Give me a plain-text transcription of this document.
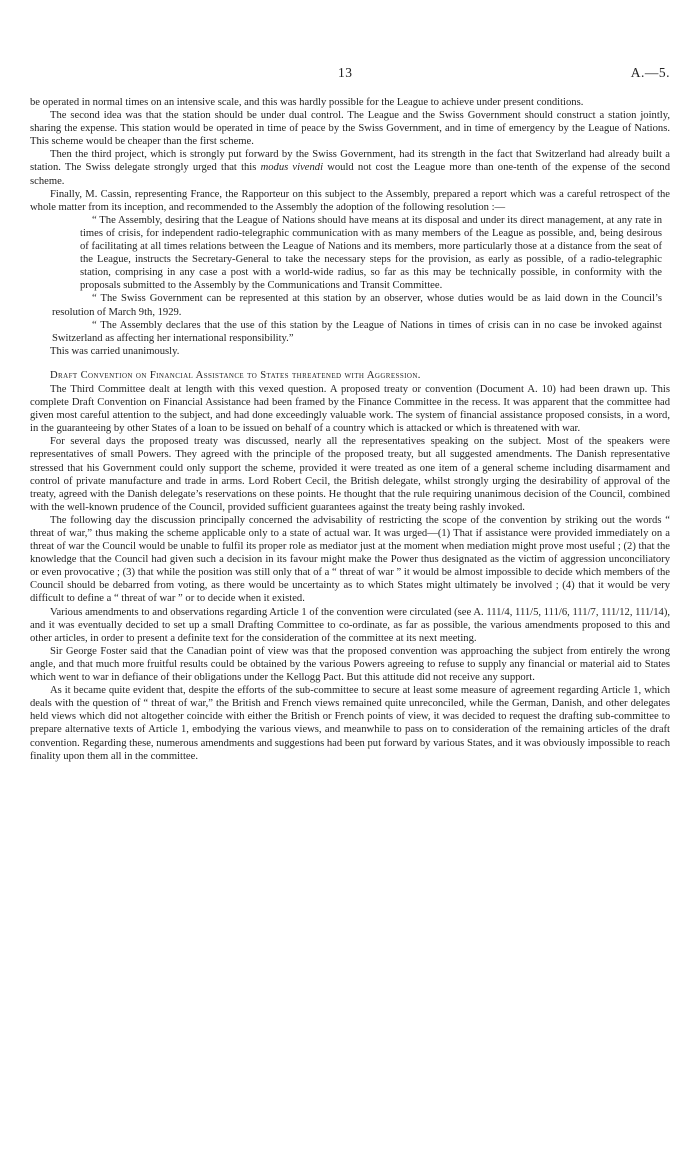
13	A.—5.

be operated in normal times on an intensive scale, and this was hardly possible for the League to achieve under present conditions.

The second idea was that the station should be under dual control. The League and the Swiss Government should construct a station jointly, sharing the expense. This station would be operated in time of peace by the Swiss Government, and in time of emergency by the League of Nations. This scheme would be cheaper than the first scheme.

Then the third project, which is strongly put forward by the Swiss Government, had its strength in the fact that Switzerland had already built a station. The Swiss delegate strongly urged that this modus vivendi would not cost the League more than one-tenth of the expense of the second scheme.

Finally, M. Cassin, representing France, the Rapporteur on this subject to the Assembly, prepared a report which was a careful retrospect of the whole matter from its inception, and recommended to the Assembly the adoption of the following resolution :—

“ The Assembly, desiring that the League of Nations should have means at its disposal and under its direct management, at any rate in times of crisis, for independent radio-telegraphic communication with as many members of the League as possible, and, being desirous of facilitating at all times relations between the League of Nations and its members, more particularly those at a distance from the seat of the League, instructs the Secretary-General to take the necessary steps for the provision, as early as possible, of a radio-telegraphic station, comprising in any case a post with a world-wide radius, so far as this may be technically possible, in conformity with the proposals submitted to the Assembly by the Communications and Transit Committee.

“ The Swiss Government can be represented at this station by an observer, whose duties would be as laid down in the Council’s resolution of March 9th, 1929.

“ The Assembly declares that the use of this station by the League of Nations in times of crisis can in no case be invoked against Switzerland as affecting her international responsibility.”

This was carried unanimously.

Draft Convention on Financial Assistance to States threatened with Aggression.

The Third Committee dealt at length with this vexed question. A proposed treaty or convention (Document A. 10) had been drawn up. This complete Draft Convention on Financial Assistance had been framed by the Finance Committee in the recess. It was apparent that the committee had given most careful attention to the subject, and had done exceedingly valuable work. The system of financial assistance proposed consists, in a word, in the guaranteeing by other States of a loan to be issued on behalf of a country which is attacked or which is threatened with war.

For several days the proposed treaty was discussed, nearly all the representatives speaking on the subject. Most of the speakers were representatives of small Powers. They agreed with the principle of the proposed treaty, but all suggested amendments. The Danish representative stressed that his Government could only support the scheme, provided it were treated as one item of a general scheme including disarmament and control of private manufacture and trade in arms. Lord Robert Cecil, the British delegate, whilst strongly urging the desirability of approval of the treaty, agreed with the Danish delegate’s reservations on these points. He thought that the rule requiring unanimous decision of the Council, combined with the well-known prudence of the Council, provided sufficient guarantees against the treaty being rashly invoked.

The following day the discussion principally concerned the advisability of restricting the scope of the convention by striking out the words “ threat of war,” thus making the scheme applicable only to a state of actual war. It was urged—(1) That if assistance were provided immediately on a threat of war the Council would be unable to fulfil its proper role as mediator just at the moment when mediation might prove most useful ; (2) that the knowledge that the Council had given such a decision in its favour might make the Power thus designated as the victim of aggression unconciliatory or even provocative ; (3) that while the position was still only that of a “ threat of war ” it would be almost impossible to decide which members of the Council should be debarred from voting, as there would be uncertainty as to which States might ultimately be involved ; (4) that it would be very difficult to define a “ threat of war ” or to decide when it existed.

Various amendments to and observations regarding Article 1 of the convention were circulated (see A. 111/4, 111/5, 111/6, 111/7, 111/12, 111/14), and it was eventually decided to set up a small Drafting Committee to co-ordinate, as far as possible, the various amendments proposed to this and other articles, in order to present a definite text for the consideration of the committee at its next meeting.

Sir George Foster said that the Canadian point of view was that the proposed convention was approaching the subject from entirely the wrong angle, and that much more fruitful results could be obtained by the various Powers agreeing to refuse to supply any financial or material aid to States which went to war in defiance of their obligations under the Kellogg Pact. But this attitude did not receive any support.

As it became quite evident that, despite the efforts of the sub-committee to secure at least some measure of agreement regarding Article 1, which deals with the question of “ threat of war,” the British and French views remained quite unreconciled, while the German, Danish, and other delegates held views which did not altogether coincide with either the British or French points of view, it was decided to request the drafting sub-committee to prepare alternative texts of Article 1, embodying the various views, and meanwhile to pass on to consideration of the remaining articles of the draft convention. Regarding these, numerous amendments and suggestions had been put forward by various States, and it was obviously impossible to reach finality upon them all in the committee.
